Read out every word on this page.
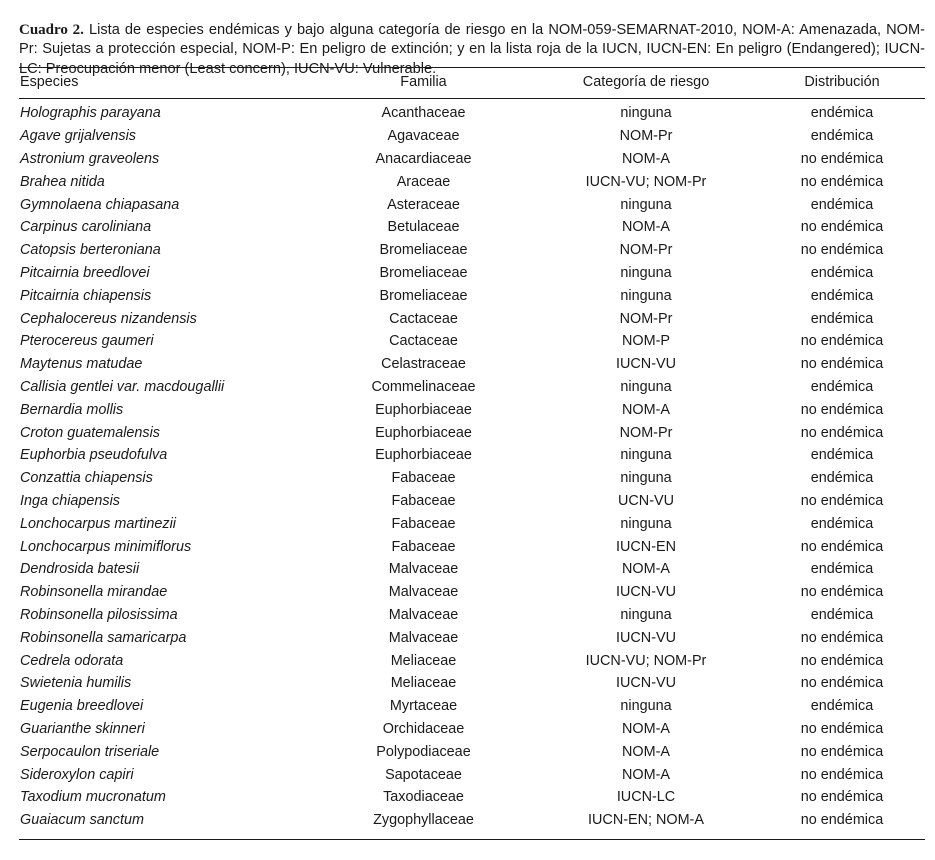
Cuadro 2. Lista de especies endémicas y bajo alguna categoría de riesgo en la NOM-059-SEMARNAT-2010, NOM-A: Amenazada, NOM-Pr: Sujetas a protección especial, NOM-P: En peligro de extinción; y en la lista roja de la IUCN, IUCN-EN: En peligro (Endangered); IUCN-LC: Preocupación menor (Least concern), IUCN-VU: Vulnerable.

Especies	Familia	Categoría de riesgo	Distribución

Holographis parayana	Acanthaceae	ninguna	endémica
Agave grijalvensis	Agavaceae	NOM-Pr	endémica
Astronium graveolens	Anacardiaceae	NOM-A	no endémica
Brahea nitida	Araceae	IUCN-VU; NOM-Pr	no endémica
Gymnolaena chiapasana	Asteraceae	ninguna	endémica
Carpinus caroliniana	Betulaceae	NOM-A	no endémica
Catopsis berteroniana	Bromeliaceae	NOM-Pr	no endémica
Pitcairnia breedlovei	Bromeliaceae	ninguna	endémica
Pitcairnia chiapensis	Bromeliaceae	ninguna	endémica
Cephalocereus nizandensis	Cactaceae	NOM-Pr	endémica
Pterocereus gaumeri	Cactaceae	NOM-P	no endémica
Maytenus matudae	Celastraceae	IUCN-VU	no endémica
Callisia gentlei var. macdougallii	Commelinaceae	ninguna	endémica
Bernardia mollis	Euphorbiaceae	NOM-A	no endémica
Croton guatemalensis	Euphorbiaceae	NOM-Pr	no endémica
Euphorbia pseudofulva	Euphorbiaceae	ninguna	endémica
Conzattia chiapensis	Fabaceae	ninguna	endémica
Inga chiapensis	Fabaceae	UCN-VU	no endémica
Lonchocarpus martinezii	Fabaceae	ninguna	endémica
Lonchocarpus minimiflorus	Fabaceae	IUCN-EN	no endémica
Dendrosida batesii	Malvaceae	NOM-A	endémica
Robinsonella mirandae	Malvaceae	IUCN-VU	no endémica
Robinsonella pilosissima	Malvaceae	ninguna	endémica
Robinsonella samaricarpa	Malvaceae	IUCN-VU	no endémica
Cedrela odorata	Meliaceae	IUCN-VU; NOM-Pr	no endémica
Swietenia humilis	Meliaceae	IUCN-VU	no endémica
Eugenia breedlovei	Myrtaceae	ninguna	endémica
Guarianthe skinneri	Orchidaceae	NOM-A	no endémica
Serpocaulon triseriale	Polypodiaceae	NOM-A	no endémica
Sideroxylon capiri	Sapotaceae	NOM-A	no endémica
Taxodium mucronatum	Taxodiaceae	IUCN-LC	no endémica
Guaiacum sanctum	Zygophyllaceae	IUCN-EN; NOM-A	no endémica
